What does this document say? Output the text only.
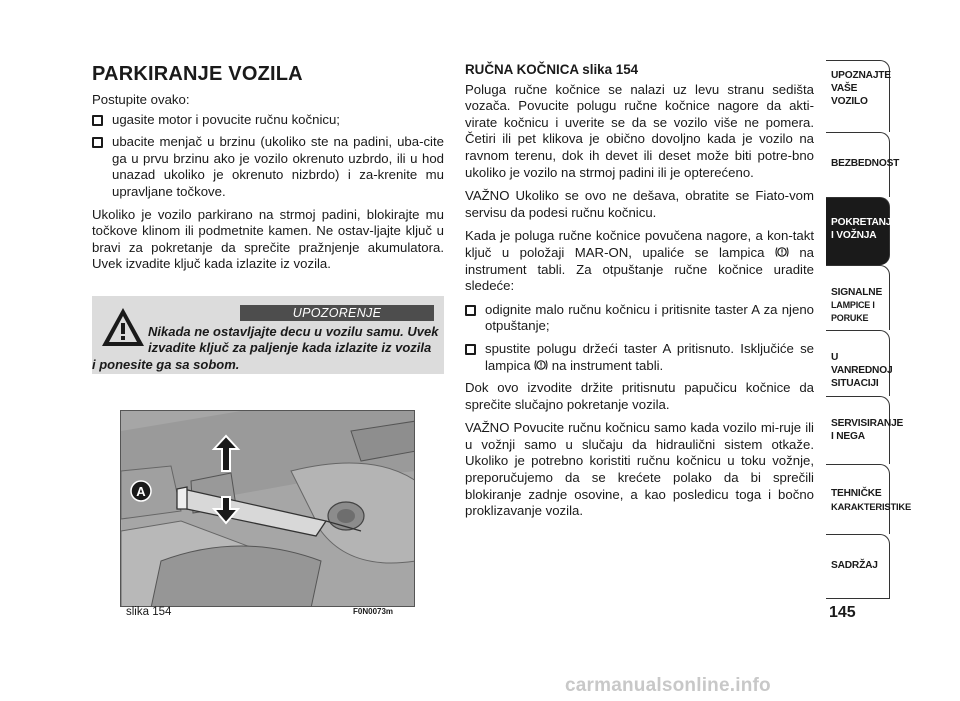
PARKIRANJE VOZILA

Postupite ovako:

ugasite motor i povucite ručnu kočnicu;
ubacite menjač u brzinu (ukoliko ste na padini, uba-cite ga u prvu brzinu ako je vozilo okrenuto uzbrdo, ili u hod unazad ukoliko je okrenuto nizbrdo) i za-krenite mu upravljane točkove.

Ukoliko je vozilo parkirano na strmoj padini, blokirajte mu točkove klinom ili podmetnite kamen. Ne ostav-ljajte ključ u bravi za pokretanje da sprečite pražnjenje akumulatora. Uvek izvadite ključ kada izlazite iz vozila.

UPOZORENJE
Nikada ne ostavljajte decu u vozilu samu. Uvek
izvadite ključ za paljenje kada izlazite iz vozila
i ponesite ga sa sobom.
A
slika 154	F0N0073m
RUČNA KOČNICA slika 154

Poluga ručne kočnice se nalazi uz levu stranu sedišta vozača. Povucite polugu ručne kočnice nagore da akti-virate kočnicu i uverite se da se vozilo više ne pomera. Četiri ili pet klikova je obično dovoljno kada je vozilo na ravnom terenu, dok ih devet ili deset može biti potre-bno ukoliko je vozilo na strmoj padini ili je opterećeno.

VAŽNO Ukoliko se ovo ne dešava, obratite se Fiato-vom servisu da podesi ručnu kočnicu.

Kada je poluga ručne kočnice povučena nagore, a kon-takt ključ u položaji MAR-ON, upaliće se lampica	na instrument tabli. Za otpuštanje ručne kočnice uradite sledeće:

odignite malo ručnu kočnicu i pritisnite taster A za njeno otpuštanje;
spustite polugu držeći taster A pritisnuto. Isključiće se lampica na instrument tabli.

Dok ovo izvodite držite pritisnutu papučicu kočnice da sprečite slučajno pokretanje vozila.

VAŽNO Povucite ručnu kočnicu samo kada vozilo mi-ruje ili u vožnji samo u slučaju da hidraulični sistem otkaže. Ukoliko je potrebno koristiti ručnu kočnicu u toku vožnje, preporučujemo da se krećete polako da bi sprečili blokiranje zadnje osovine, a kao posledicu toga i bočno proklizavanje vozila.

UPOZNAJTE
VAŠE
VOZILO
BEZBEDNOST
POKRETANJE
I VOŽNJA
SIGNALNE
LAMPICE I PORUKE
U VANREDNOJ
SITUACIJI
SERVISIRANJE
I NEGA
TEHNIČKE
KARAKTERISTIKE
SADRŽAJ
145
carmanualsonline.info
